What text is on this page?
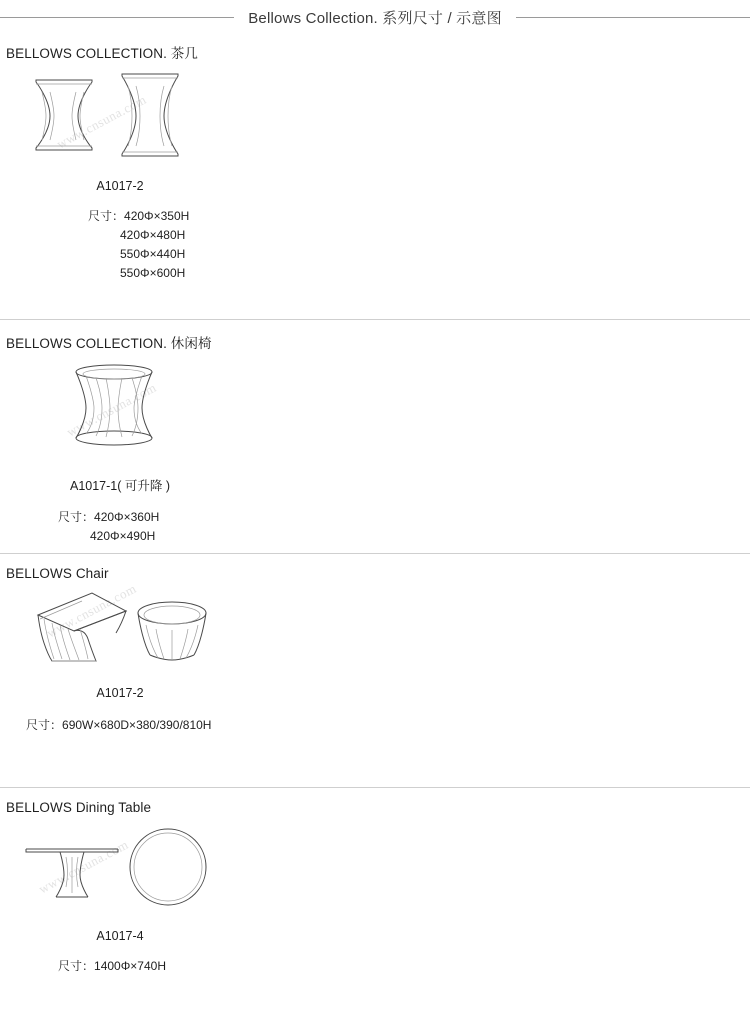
Bellows Collection. 系列尺寸 / 示意图
BELLOWS COLLECTION. 茶几
www.cnsuna.com
A1017-2
尺寸：420Φ×350H
420Φ×480H
550Φ×440H
550Φ×600H
BELLOWS COLLECTION. 休闲椅
www.cnsuna.com
A1017-1( 可升降 )
尺寸：420Φ×360H
420Φ×490H
BELLOWS Chair
www.cnsuna.com
A1017-2
尺寸：690W×680D×380/390/810H
BELLOWS Dining Table
www.cnsuna.com
A1017-4
尺寸：1400Φ×740H
